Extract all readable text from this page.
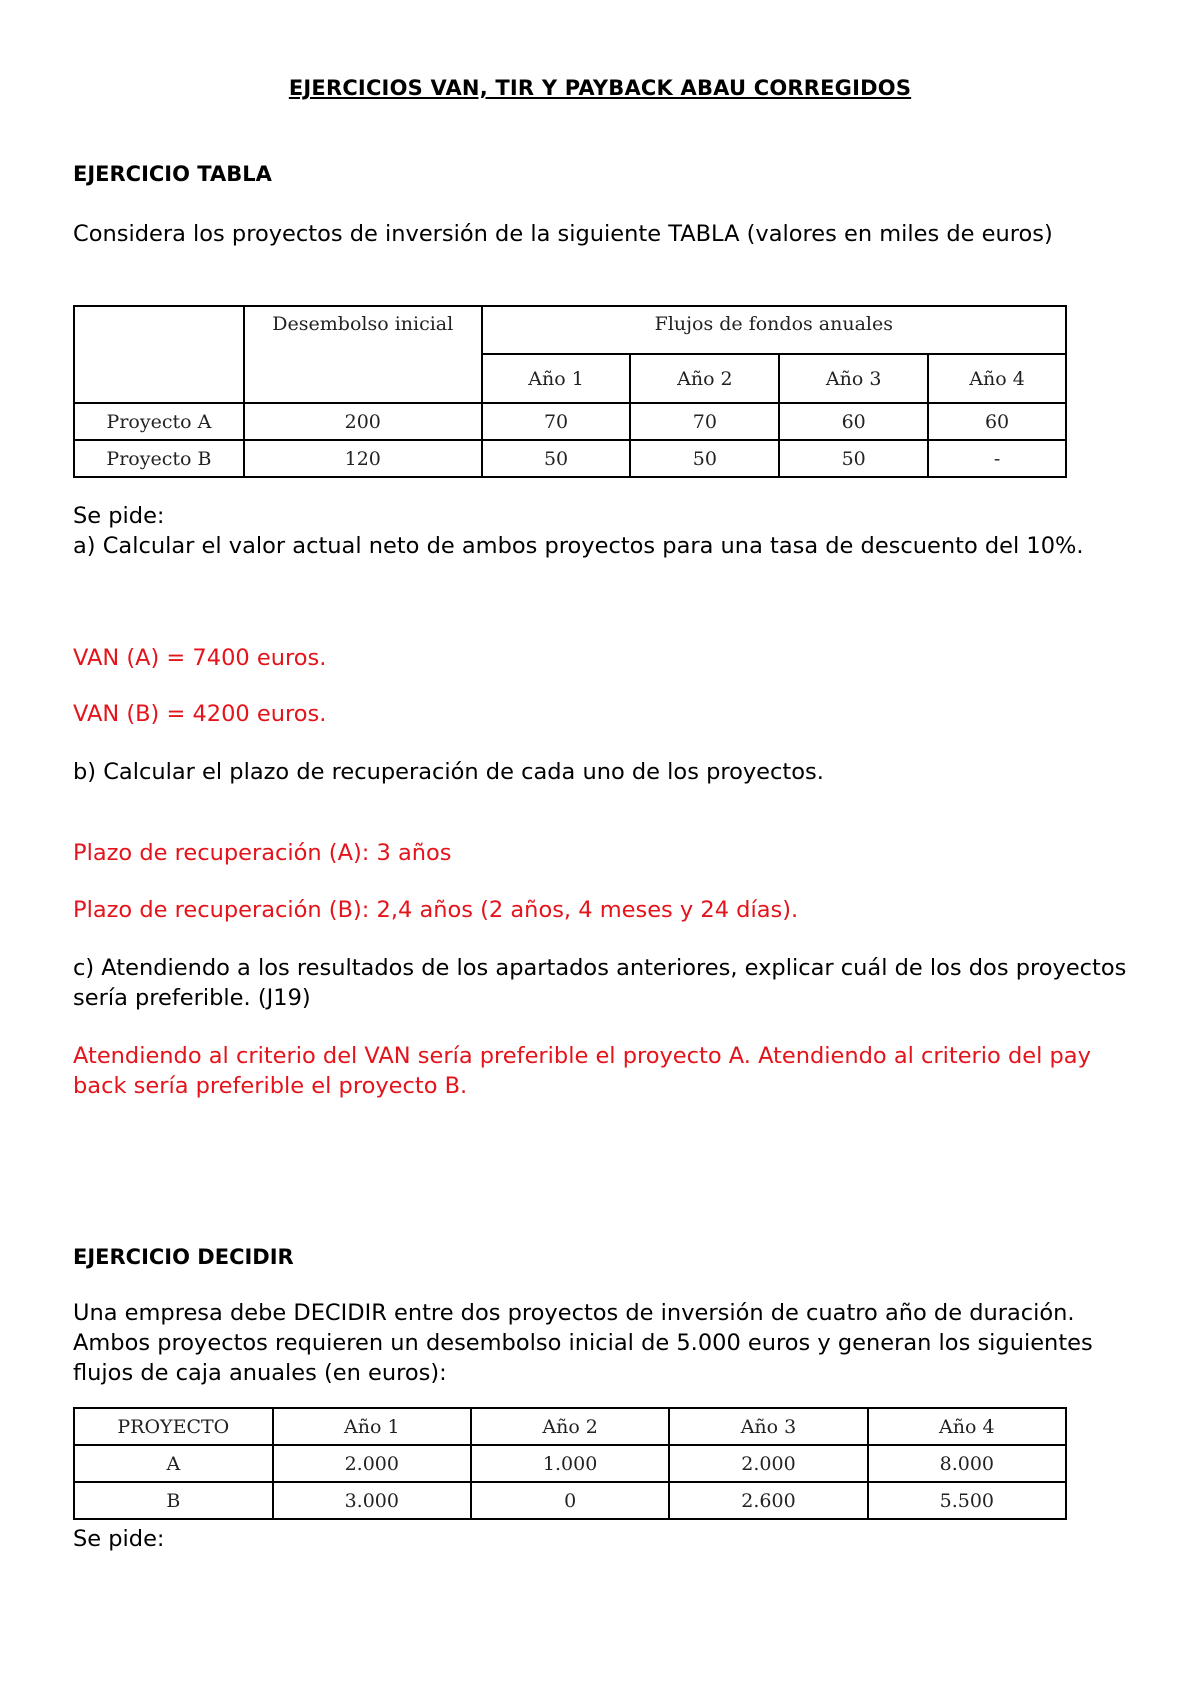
EJERCICIOS VAN, TIR Y PAYBACK ABAU CORREGIDOS
EJERCICIO TABLA
Considera los proyectos de inversión de la siguiente TABLA (valores en miles de euros)
	Desembolso inicial	Flujos de fondos anuales			
		Año 1	Año 2	Año 3	Año 4
Proyecto A	200	70	70	60	60
Proyecto B	120	50	50	50	-
Se pide:
a) Calcular el valor actual neto de ambos proyectos para una tasa de descuento del 10%.
VAN (A) = 7400 euros.
VAN (B) = 4200 euros.
b) Calcular el plazo de recuperación de cada uno de los proyectos.
Plazo de recuperación (A): 3 años
Plazo de recuperación (B): 2,4 años (2 años, 4 meses y 24 días).
c) Atendiendo a los resultados de los apartados anteriores, explicar cuál de los dos proyectos sería preferible. (J19)
Atendiendo al criterio del VAN sería preferible el proyecto A. Atendiendo al criterio del pay back sería preferible el proyecto B.
EJERCICIO DECIDIR
Una empresa debe DECIDIR entre dos proyectos de inversión de cuatro año de duración. Ambos proyectos requieren un desembolso inicial de 5.000 euros y generan los siguientes flujos de caja anuales (en euros):
PROYECTO	Año 1	Año 2	Año 3	Año 4
A	2.000	1.000	2.000	8.000
B	3.000	0	2.600	5.500
Se pide:
